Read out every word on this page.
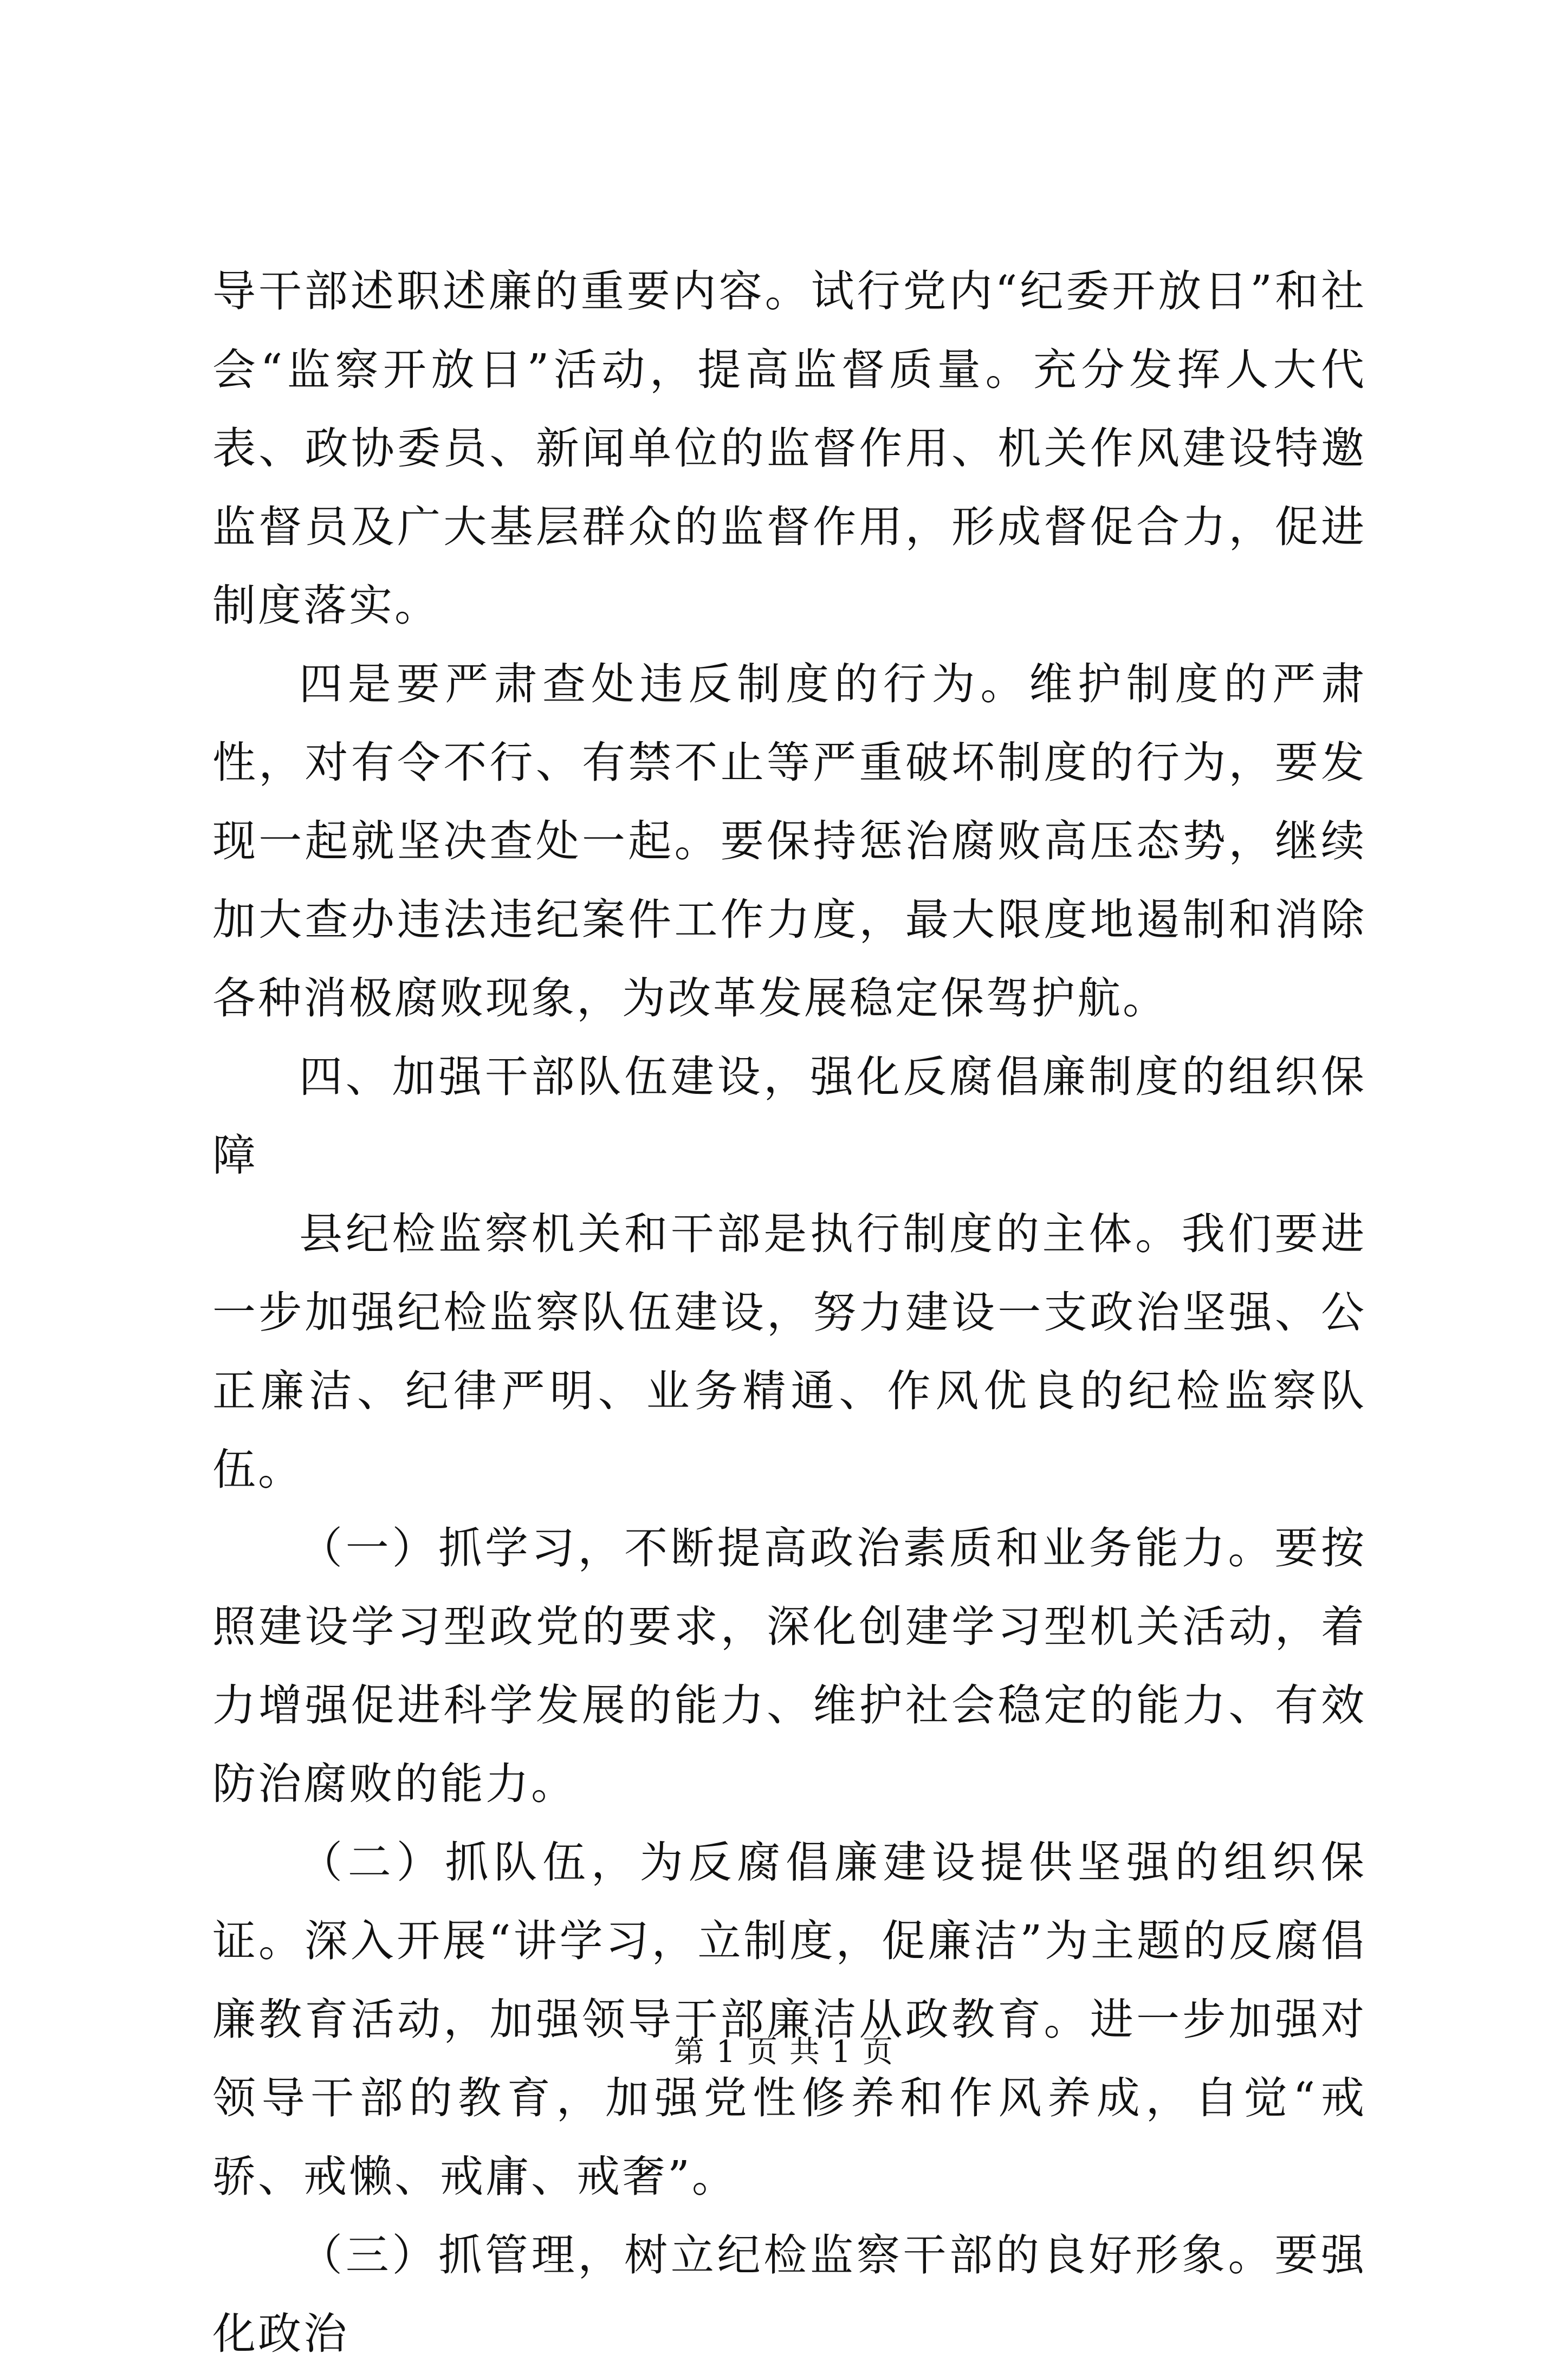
导干部述职述廉的重要内容。试行党内“纪委开放日”和社会“监察开放日”活动，提高监督质量。充分发挥人大代表、政协委员、新闻单位的监督作用、机关作风建设特邀监督员及广大基层群众的监督作用，形成督促合力，促进制度落实。

四是要严肃查处违反制度的行为。维护制度的严肃性，对有令不行、有禁不止等严重破坏制度的行为，要发现一起就坚决查处一起。要保持惩治腐败高压态势，继续加大查办违法违纪案件工作力度，最大限度地遏制和消除各种消极腐败现象，为改革发展稳定保驾护航。

四、加强干部队伍建设，强化反腐倡廉制度的组织保障

县纪检监察机关和干部是执行制度的主体。我们要进一步加强纪检监察队伍建设，努力建设一支政治坚强、公正廉洁、纪律严明、业务精通、作风优良的纪检监察队伍。

（一）抓学习，不断提高政治素质和业务能力。要按照建设学习型政党的要求，深化创建学习型机关活动，着力增强促进科学发展的能力、维护社会稳定的能力、有效防治腐败的能力。

（二）抓队伍，为反腐倡廉建设提供坚强的组织保证。深入开展“讲学习，立制度，促廉洁”为主题的反腐倡廉教育活动，加强领导干部廉洁从政教育。进一步加强对领导干部的教育，加强党性修养和作风养成，自觉“戒骄、戒懒、戒庸、戒奢”。

（三）抓管理，树立纪检监察干部的良好形象。要强化政治

第 1 页 共 1 页
